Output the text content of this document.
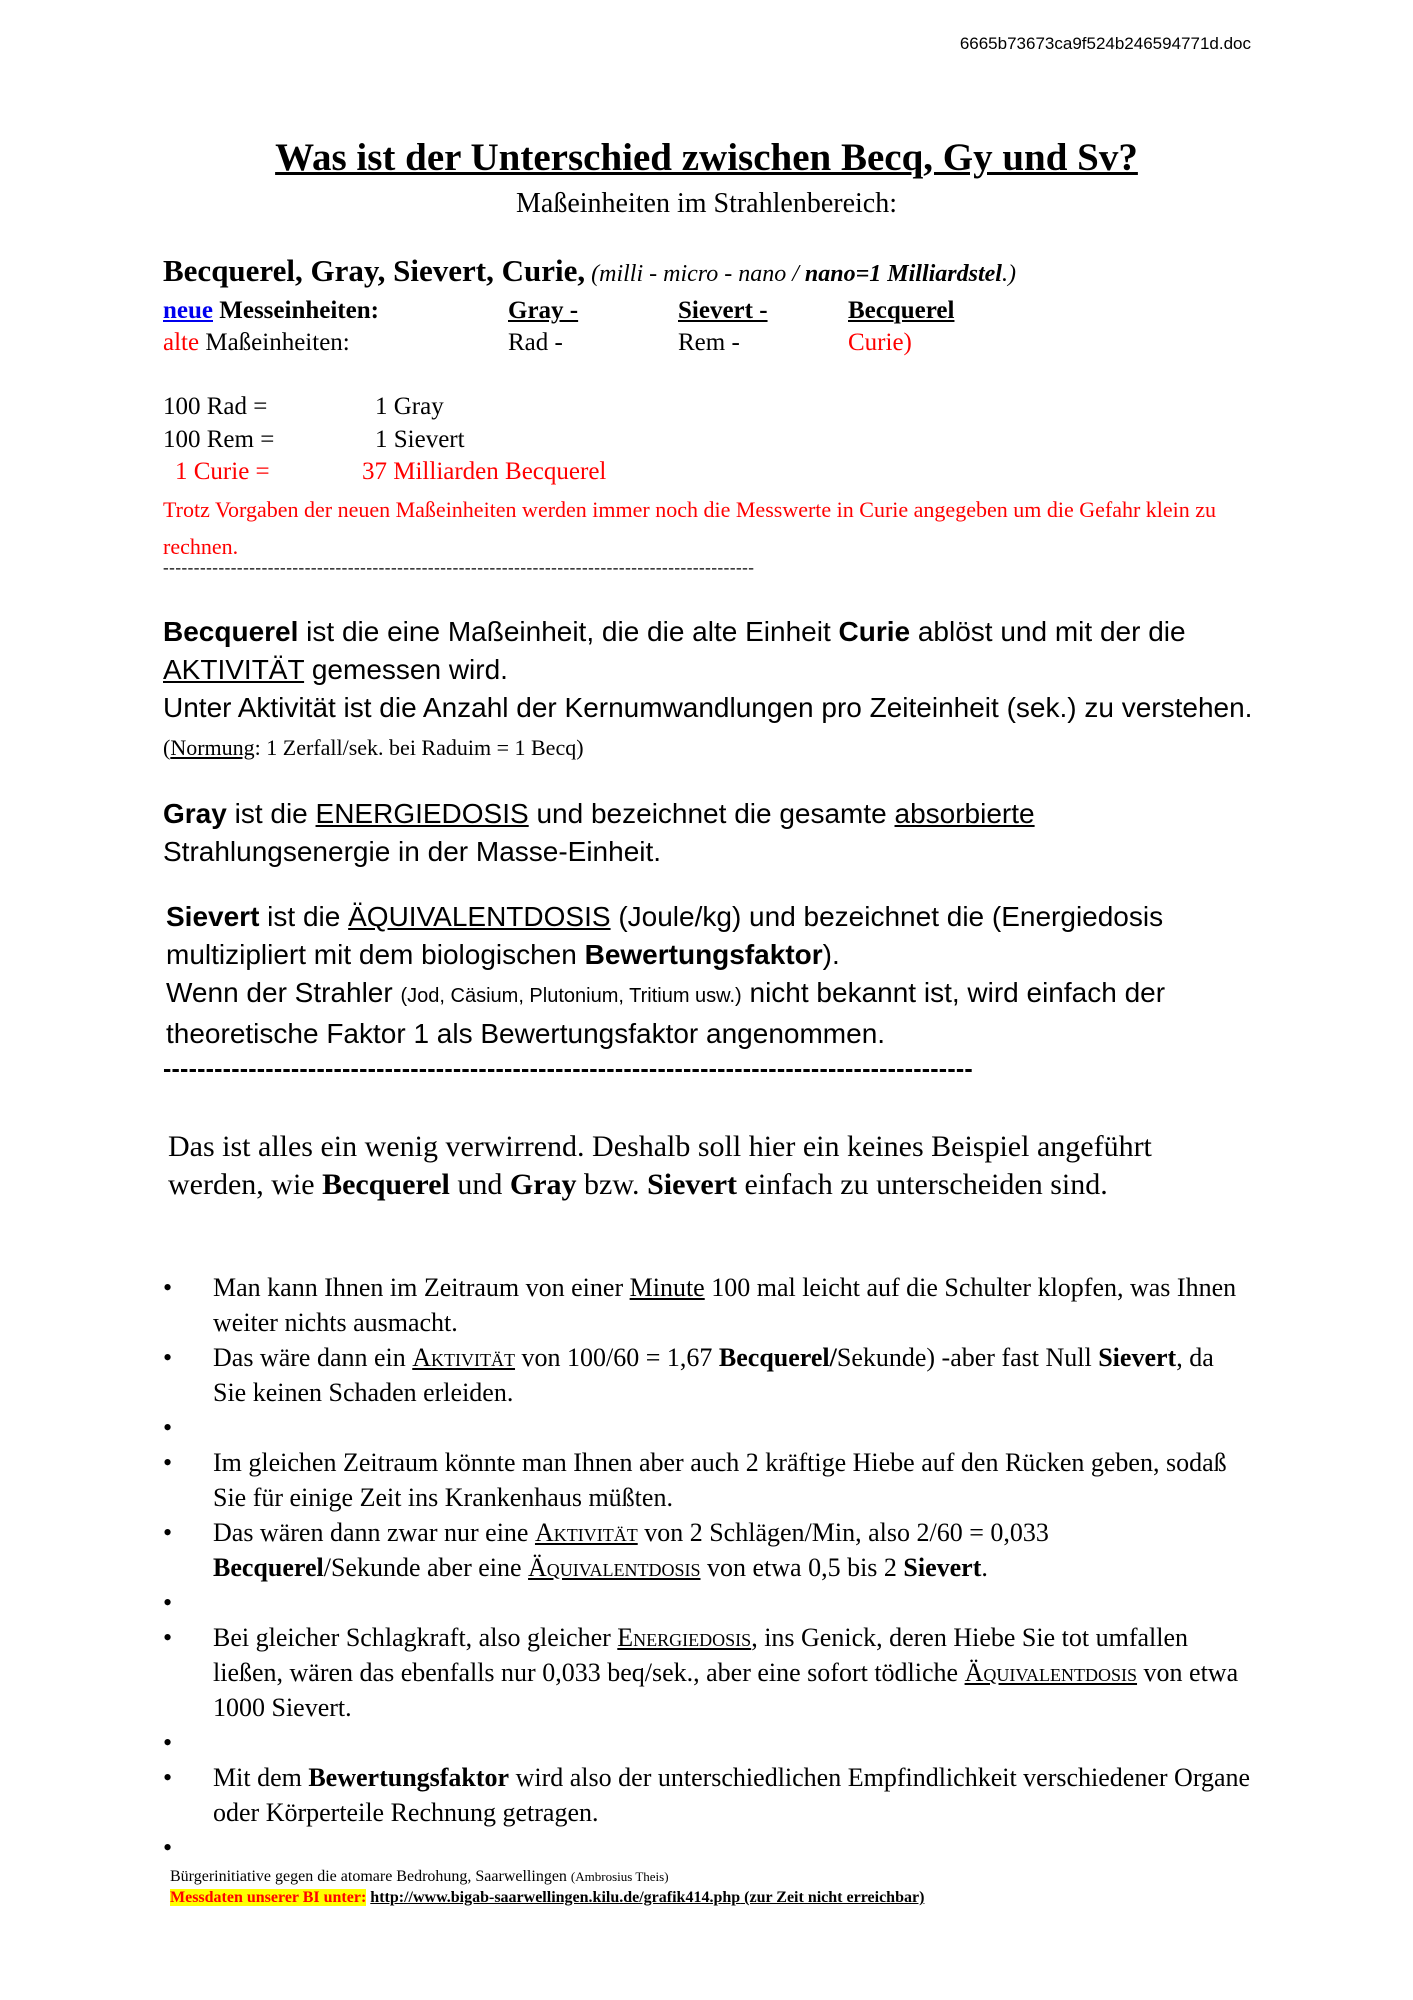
6665b73673ca9f524b246594771d.doc
Was ist der Unterschied zwischen Becq, Gy und Sv?
Maßeinheiten im Strahlenbereich:
Becquerel, Gray, Sievert, Curie, (milli - micro - nano / nano=1 Milliardstel.)
neue Messeinheiten:	Gray -	Sievert -	Becquerel
alte Maßeinheiten:	Rad -	Rem -	Curie)
100 Rad =	1 Gray
100 Rem =	1 Sievert
1 Curie =	37 Milliarden Becquerel
Trotz Vorgaben der neuen Maßeinheiten werden immer noch die Messwerte in Curie angegeben um die Gefahr klein zu rechnen.
------------------------------------------------------------------------------------------------
Becquerel ist die eine Maßeinheit, die die alte Einheit Curie ablöst und mit der die AKTIVITÄT gemessen wird.
Unter Aktivität ist die Anzahl der Kernumwandlungen pro Zeiteinheit (sek.) zu verstehen. (Normung: 1 Zerfall/sek. bei Raduim = 1 Becq)
Gray ist die ENERGIEDOSIS und bezeichnet die gesamte absorbierte Strahlungsenergie in der Masse-Einheit.
Sievert ist die ÄQUIVALENTDOSIS (Joule/kg) und bezeichnet die (Energiedosis multizipliert mit dem biologischen Bewertungsfaktor).
Wenn der Strahler (Jod, Cäsium, Plutonium, Tritium usw.) nicht bekannt ist, wird einfach der theoretische Faktor 1 als Bewertungsfaktor angenommen.
-----------------------------------------------------------------------------------------------
Das ist alles ein wenig verwirrend. Deshalb soll hier ein keines Beispiel angeführt werden, wie Becquerel und Gray bzw. Sievert einfach zu unterscheiden sind.
• Man kann Ihnen im Zeitraum von einer Minute 100 mal leicht auf die Schulter klopfen, was Ihnen weiter nichts ausmacht.
• Das wäre dann ein Aktivität von 100/60 = 1,67 Becquerel/Sekunde) -aber fast Null Sievert, da Sie keinen Schaden erleiden.
•
• Im gleichen Zeitraum könnte man Ihnen aber auch 2 kräftige Hiebe auf den Rücken geben, sodaß Sie für einige Zeit ins Krankenhaus müßten.
• Das wären dann zwar nur eine Aktivität von 2 Schlägen/Min, also 2/60 = 0,033 Becquerel/Sekunde aber eine Äquivalentdosis von etwa 0,5 bis 2 Sievert.
•
• Bei gleicher Schlagkraft, also gleicher Energiedosis, ins Genick, deren Hiebe Sie tot umfallen ließen, wären das ebenfalls nur 0,033 beq/sek., aber eine sofort tödliche Äquivalentdosis von etwa 1000 Sievert.
•
• Mit dem Bewertungsfaktor wird also der unterschiedlichen Empfindlichkeit verschiedener Organe oder Körperteile Rechnung getragen.
•
Bürgerinitiative gegen die atomare Bedrohung, Saarwellingen (Ambrosius Theis)
Messdaten unserer BI unter: http://www.bigab-saarwellingen.kilu.de/grafik414.php (zur Zeit nicht erreichbar)
